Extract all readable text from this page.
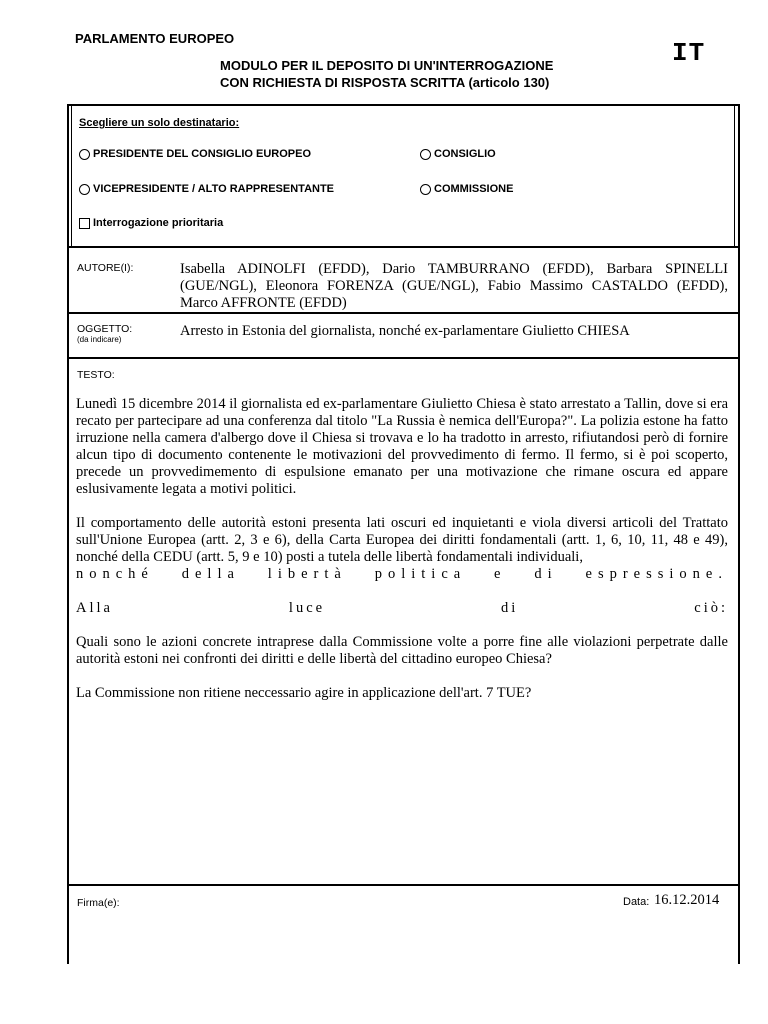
PARLAMENTO EUROPEO	IT
MODULO PER IL DEPOSITO DI UN'INTERROGAZIONE
CON RICHIESTA DI RISPOSTA SCRITTA (articolo 130)
Scegliere un solo destinatario:
PRESIDENTE DEL CONSIGLIO EUROPEO	CONSIGLIO
VICEPRESIDENTE / ALTO RAPPRESENTANTE	COMMISSIONE
Interrogazione prioritaria
AUTORE(I):	Isabella ADINOLFI (EFDD), Dario TAMBURRANO (EFDD), Barbara SPINELLI (GUE/NGL), Eleonora FORENZA (GUE/NGL), Fabio Massimo CASTALDO (EFDD), Marco AFFRONTE (EFDD)
OGGETTO:
(da indicare)
Arresto in Estonia del giornalista, nonché ex-parlamentare Giulietto CHIESA
TESTO:

Lunedì 15 dicembre 2014 il giornalista ed ex-parlamentare Giulietto Chiesa è stato arrestato a Tallin, dove si era recato per partecipare ad una conferenza dal titolo "La Russia è nemica dell'Europa?". La polizia estone ha fatto irruzione nella camera d'albergo dove il Chiesa si trovava e lo ha tradotto in arresto, rifiutandosi però di fornire alcun tipo di documento contenente le motivazioni del provvedimento di fermo. Il fermo, si è poi scoperto, precede un provvedimemento di espulsione emanato per una motivazione che rimane oscura ed appare eslusivamente legata a motivi politici.

Il comportamento delle autorità estoni presenta lati oscuri ed inquietanti e viola diversi articoli del Trattato sull'Unione Europea (artt. 2, 3 e 6), della Carta Europea dei diritti fondamentali (artt. 1, 6, 10, 11, 48 e 49), nonché della CEDU (artt. 5, 9 e 10) posti a tutela delle libertà fondamentali individuali,
nonché della libertà politica e di espressione.
Alla luce di ciò:

Quali sono le azioni concrete intraprese dalla Commissione volte a porre fine alle violazioni perpetrate dalle autorità estoni nei confronti dei diritti e delle libertà del cittadino europeo Chiesa?

La Commissione non ritiene neccessario agire in applicazione dell'art. 7 TUE?

Firma(e):	Data: 16.12.2014
